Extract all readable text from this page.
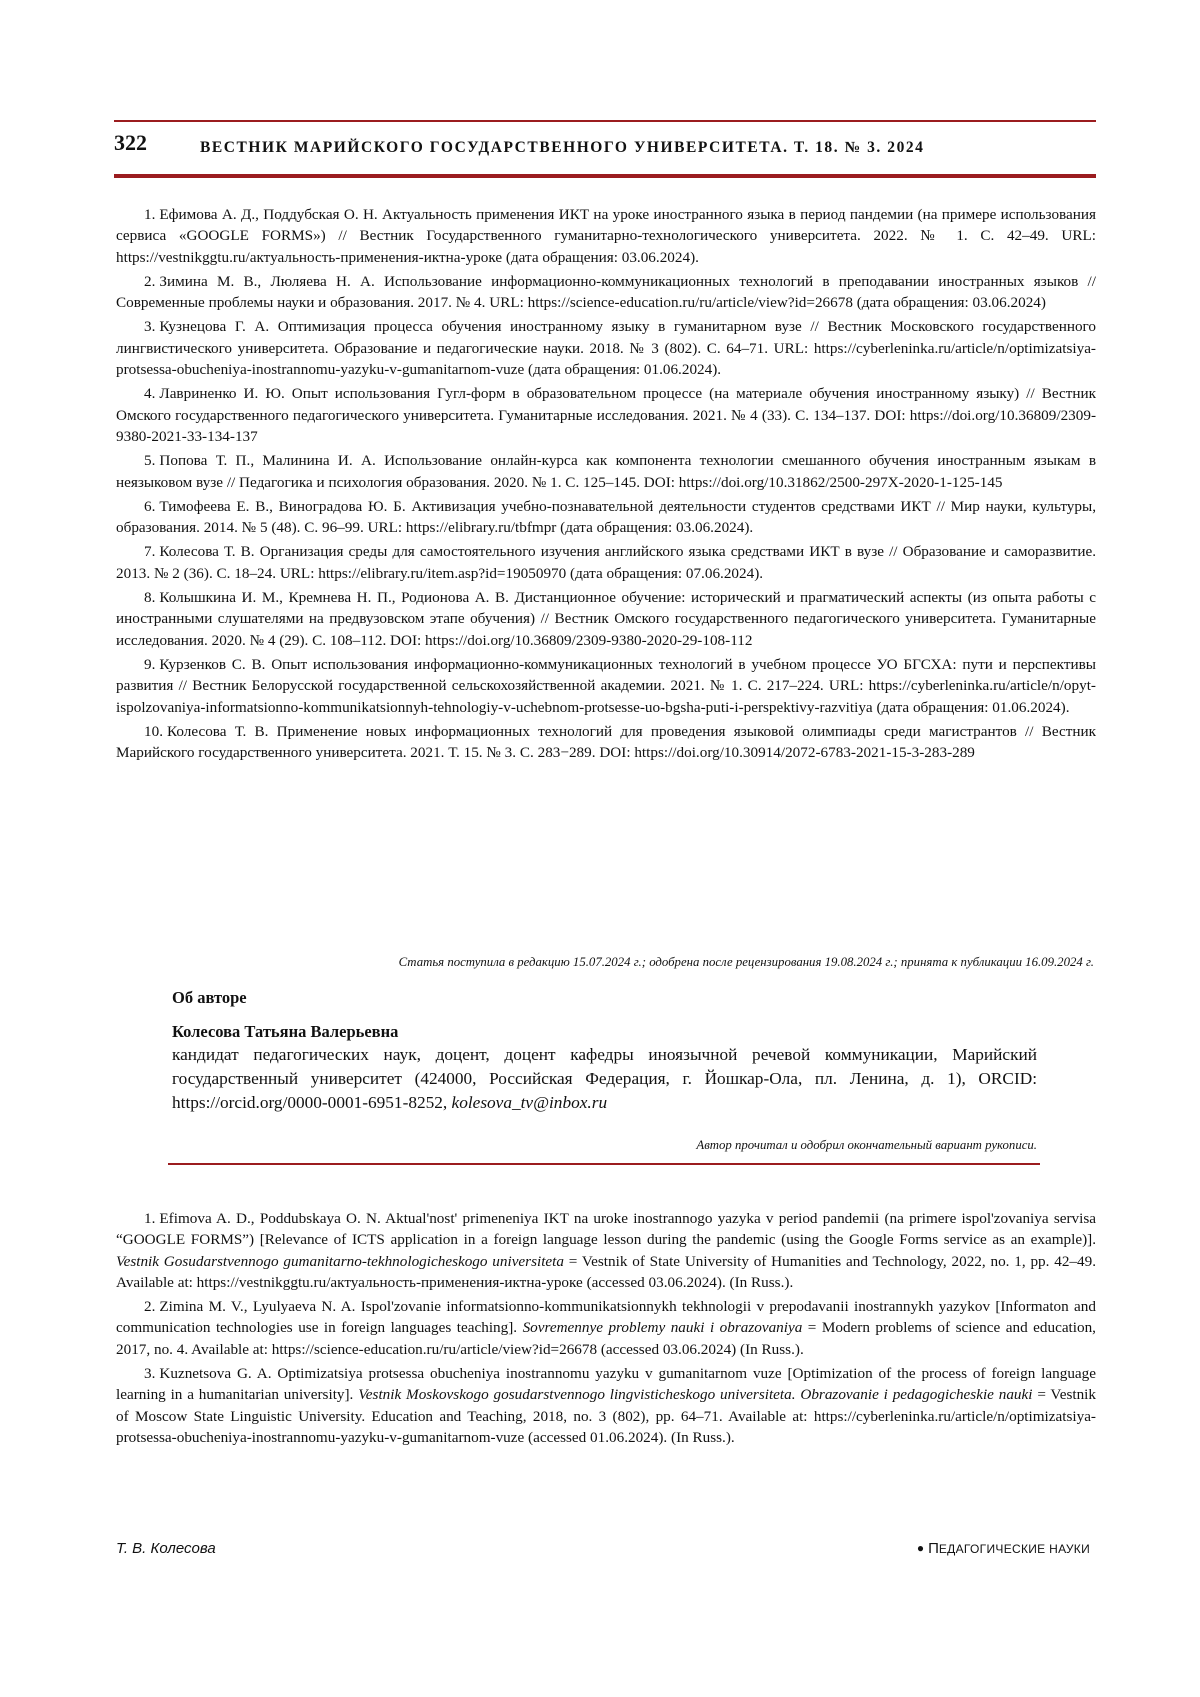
322	ВЕСТНИК МАРИЙСКОГО ГОСУДАРСТВЕННОГО УНИВЕРСИТЕТА. Т. 18. № 3. 2024

1. Ефимова А. Д., Поддубская О. Н. Актуальность применения ИКТ на уроке иностранного языка в период пандемии (на примере использования сервиса «GOOGLE FORMS») // Вестник Государственного гуманитарно-технологического университета. 2022. № 1. С. 42–49. URL: https://vestnikggtu.ru/актуальность-применения-иктна-уроке (дата обращения: 03.06.2024).

2. Зимина М. В., Люляева Н. А. Использование информационно-коммуникационных технологий в преподавании иностранных языков // Современные проблемы науки и образования. 2017. № 4. URL: https://science-education.ru/ru/article/view?id=26678 (дата обращения: 03.06.2024)

3. Кузнецова Г. А. Оптимизация процесса обучения иностранному языку в гуманитарном вузе // Вестник Московского государственного лингвистического университета. Образование и педагогические науки. 2018. № 3 (802). С. 64–71. URL: https://cyberleninka.ru/article/n/optimizatsiya-protsessa-obucheniya-inostrannomu-yazyku-v-gumanitarnom-vuze (дата обращения: 01.06.2024).

4. Лавриненко И. Ю. Опыт использования Гугл-форм в образовательном процессе (на материале обучения иностранному языку) // Вестник Омского государственного педагогического университета. Гуманитарные исследования. 2021. № 4 (33). С. 134–137. DOI: https://doi.org/10.36809/2309-9380-2021-33-134-137

5. Попова Т. П., Малинина И. А. Использование онлайн-курса как компонента технологии смешанного обучения иностранным языкам в неязыковом вузе // Педагогика и психология образования. 2020. № 1. С. 125–145. DOI: https://doi.org/10.31862/2500-297X-2020-1-125-145

6. Тимофеева Е. В., Виноградова Ю. Б. Активизация учебно-познавательной деятельности студентов средствами ИКТ // Мир науки, культуры, образования. 2014. № 5 (48). С. 96–99. URL: https://elibrary.ru/tbfmpr (дата обращения: 03.06.2024).

7. Колесова Т. В. Организация среды для самостоятельного изучения английского языка средствами ИКТ в вузе // Образование и саморазвитие. 2013. № 2 (36). С. 18–24. URL: https://elibrary.ru/item.asp?id=19050970 (дата обращения: 07.06.2024).

8. Колышкина И. М., Кремнева Н. П., Родионова А. В. Дистанционное обучение: исторический и прагматический аспекты (из опыта работы с иностранными слушателями на предвузовском этапе обучения) // Вестник Омского государственного педагогического университета. Гуманитарные исследования. 2020. № 4 (29). С. 108–112. DOI: https://doi.org/10.36809/2309-9380-2020-29-108-112

9. Курзенков С. В. Опыт использования информационно-коммуникационных технологий в учебном процессе УО БГСХА: пути и перспективы развития // Вестник Белорусской государственной сельскохозяйственной академии. 2021. № 1. С. 217–224. URL: https://cyberleninka.ru/article/n/opyt-ispolzovaniya-informatsionno-kommunikatsionnyh-tehnologiy-v-uchebnom-protsesse-uo-bgsha-puti-i-perspektivy-razvitiya (дата обращения: 01.06.2024).

10. Колесова Т. В. Применение новых информационных технологий для проведения языковой олимпиады среди магистрантов // Вестник Марийского государственного университета. 2021. Т. 15. № 3. С. 283−289. DOI: https://doi.org/10.30914/2072-6783-2021-15-3-283-289

Статья поступила в редакцию 15.07.2024 г.; одобрена после рецензирования 19.08.2024 г.; принята к публикации 16.09.2024 г.
Об авторе
Колесова Татьяна Валерьевна
кандидат педагогических наук, доцент, доцент кафедры иноязычной речевой коммуникации, Марийский государственный университет (424000, Российская Федерация, г. Йошкар-Ола, пл. Ленина, д. 1), ORCID: https://orcid.org/0000-0001-6951-8252, kolesova_tv@inbox.ru
Автор прочитал и одобрил окончательный вариант рукописи.

1. Efimova A. D., Poddubskaya O. N. Aktual'nost' primeneniya IKT na uroke inostrannogo yazyka v period pandemii (na primere ispol'zovaniya servisa “GOOGLE FORMS”) [Relevance of ICTS application in a foreign language lesson during the pandemic (using the Google Forms service as an example)]. Vestnik Gosudarstvennogo gumanitarno-tekhnologicheskogo universiteta = Vestnik of State University of Humanities and Technology, 2022, no. 1, pp. 42–49. Available at: https://vestnikggtu.ru/актуальность-применения-иктна-уроке (accessed 03.06.2024). (In Russ.).

2. Zimina M. V., Lyulyaeva N. A. Ispol'zovanie informatsionno-kommunikatsionnykh tekhnologii v prepodavanii inostrannykh yazykov [Informaton and communication technologies use in foreign languages teaching]. Sovremennye problemy nauki i obrazovaniya = Modern problems of science and education, 2017, no. 4. Available at: https://science-education.ru/ru/article/view?id=26678 (accessed 03.06.2024) (In Russ.).

3. Kuznetsova G. A. Optimizatsiya protsessa obucheniya inostrannomu yazyku v gumanitarnom vuze [Optimization of the process of foreign language learning in a humanitarian university]. Vestnik Moskovskogo gosudarstvennogo lingvisticheskogo universiteta. Obrazovanie i pedagogicheskie nauki = Vestnik of Moscow State Linguistic University. Education and Teaching, 2018, no. 3 (802), pp. 64–71. Available at: https://cyberleninka.ru/article/n/optimizatsiya-protsessa-obucheniya-inostrannomu-yazyku-v-gumanitarnom-vuze (accessed 01.06.2024). (In Russ.).

Т. В. Колесова	● ПЕДАГОГИЧЕСКИЕ НАУКИ
